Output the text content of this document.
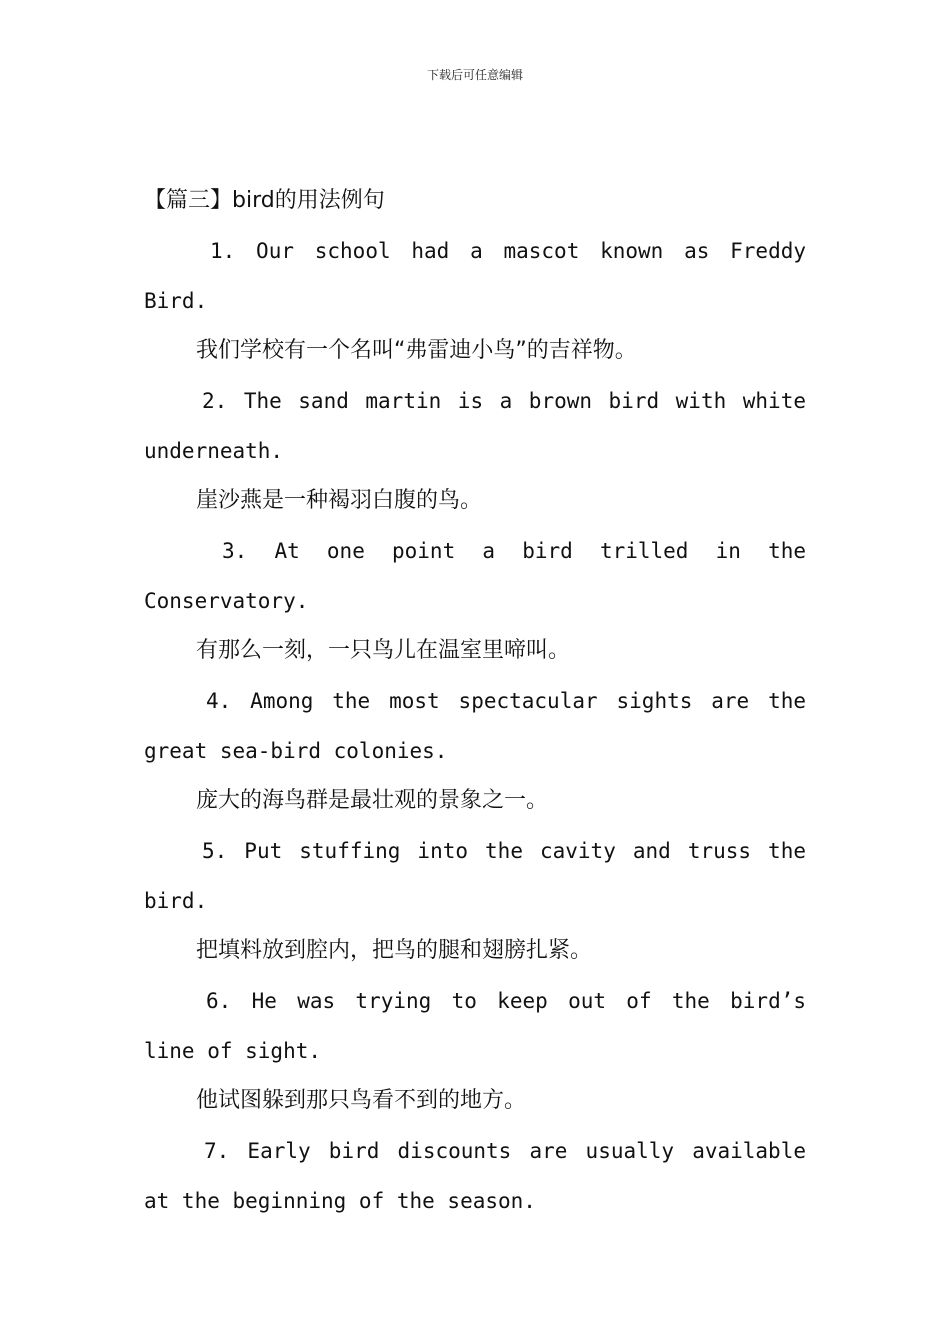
下载后可任意编辑
【篇三】bird的用法例句
1. Our school had a mascot known as Freddy
Bird.
我们学校有一个名叫“弗雷迪小鸟”的吉祥物。
2. The sand martin is a brown bird with white
underneath.
崖沙燕是一种褐羽白腹的鸟。
3. At one point a bird trilled in the
Conservatory.
有那么一刻，一只鸟儿在温室里啼叫。
4. Among the most spectacular sights are the
great sea-bird colonies.
庞大的海鸟群是最壮观的景象之一。
5. Put stuffing into the cavity and truss the
bird.
把填料放到腔内，把鸟的腿和翅膀扎紧。
6. He was trying to keep out of the bird’s
line of sight.
他试图躲到那只鸟看不到的地方。
7. Early bird discounts are usually available
at the beginning of the season.
